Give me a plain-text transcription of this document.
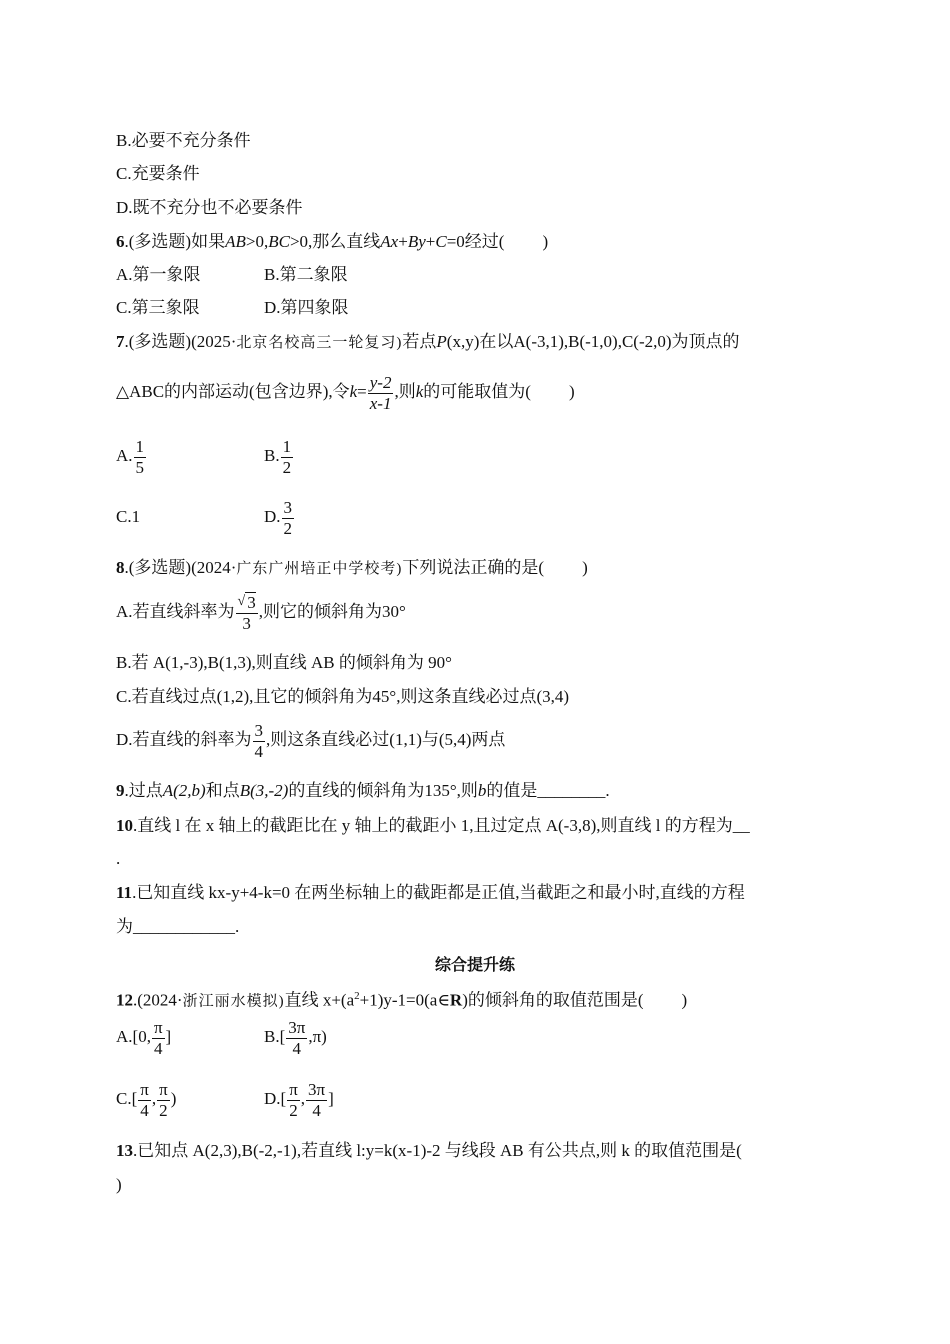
B.必要不充分条件
C.充要条件
D.既不充分也不必要条件
6.(多选题)如果AB>0,BC>0,那么直线Ax+By+C=0经过( )
A.第一象限	B.第二象限
C.第三象限	D.第四象限
7.(多选题)(2025·北京名校高三一轮复习)若点P(x,y)在以A(-3,1),B(-1,0),C(-2,0)为顶点的
△ABC的内部运动(包含边界),令$k= \frac{y-2}{x-1}$ ,则k的可能取值为( )
A. $\frac{1}{5}$	B. $\frac{1}{2}$
C.1	D. $\frac{3}{2}$
8.(多选题)(2024·广东广州培正中学校考)下列说法正确的是( )
A.若直线斜率为 $\frac{^√ 3}{3}$ ,则它的倾斜角为30°
B.若 A(1,-3),B(1,3),则直线 AB 的倾斜角为 90°
C.若直线过点(1,2),且它的倾斜角为45°,则这条直线必过点(3,4)
D.若直线的斜率为 $\frac{3}{4}$ ,则这条直线必过(1,1)与(5,4)两点
9.过点A(2,b)和点B(3,-2)的直线的倾斜角为135°,则b的值是________.
10.直线 l 在 x 轴上的截距比在 y 轴上的截距小 1,且过定点 A(-3,8),则直线 l 的方程为__
.
11.已知直线 kx-y+4-k=0 在两坐标轴上的截距都是正值,当截距之和最小时,直线的方程
为____________.
综合提升练
12.(2024·浙江丽水模拟)直线 $x+(a^2+1)y-1=0(a\in R)$的倾斜角的取值范围是( )
A.[0, $\frac{\pi}{4}$ ]	$B.[ \frac{3\pi}{4} ,\pi)$
$C.[ \frac{\pi}{4}$ , $\frac{\pi}{2}$ )	$D.[ \frac{\pi}{2}$ , $\frac{3\pi}{4}$ ]
13.已知点 A(2,3),B(-2,-1),若直线 l:y=k(x-1)-2 与线段 AB 有公共点,则 k 的取值范围是(
)
